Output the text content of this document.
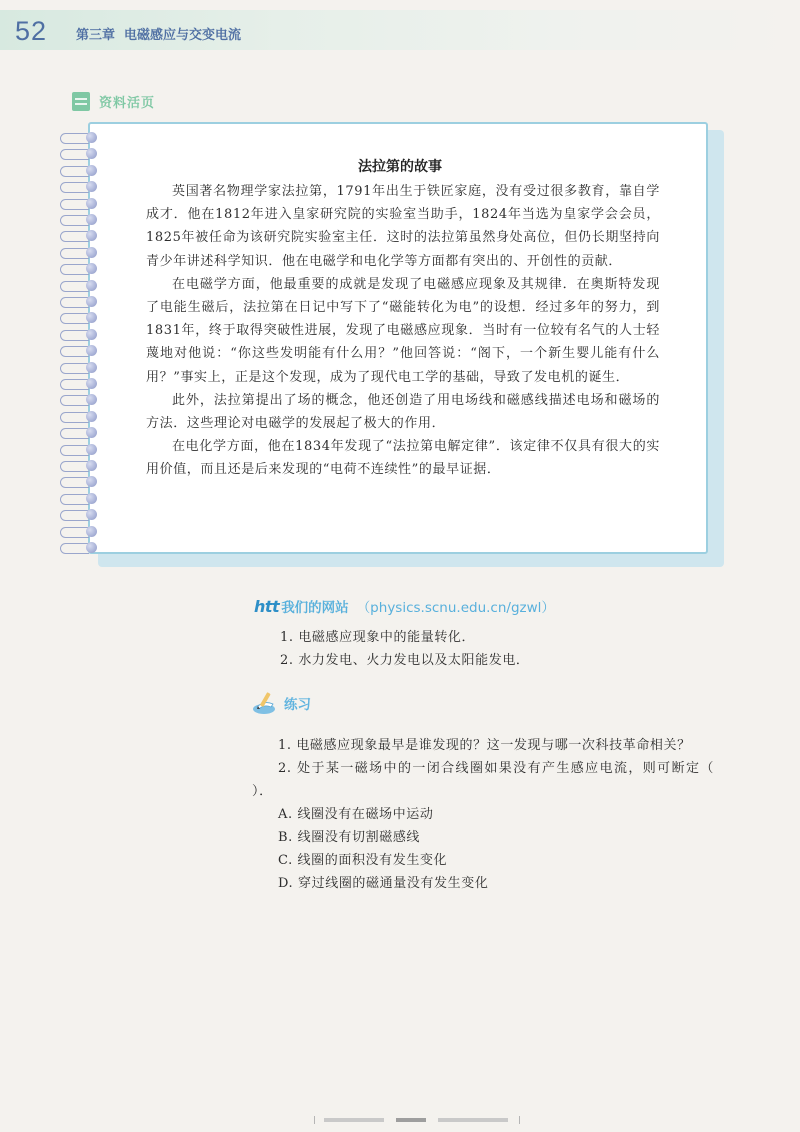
52 第三章  电磁感应与交变电流
资料活页
法拉第的故事

英国著名物理学家法拉第，1791年出生于铁匠家庭，没有受过很多教育，靠自学成才．他在1812年进入皇家研究院的实验室当助手，1824年当选为皇家学会会员，1825年被任命为该研究院实验室主任．这时的法拉第虽然身处高位，但仍长期坚持向青少年讲述科学知识．他在电磁学和电化学等方面都有突出的、开创性的贡献．

在电磁学方面，他最重要的成就是发现了电磁感应现象及其规律．在奥斯特发现了电能生磁后，法拉第在日记中写下了“磁能转化为电”的设想．经过多年的努力，到1831年，终于取得突破性进展，发现了电磁感应现象．当时有一位较有名气的人士轻蔑地对他说：“你这些发明能有什么用？”他回答说：“阁下，一个新生婴儿能有什么用？”事实上，正是这个发现，成为了现代电工学的基础，导致了发电机的诞生．

此外，法拉第提出了场的概念，他还创造了用电场线和磁感线描述电场和磁场的方法．这些理论对电磁学的发展起了极大的作用．

在电化学方面，他在1834年发现了“法拉第电解定律”．该定律不仅具有很大的实用价值，而且还是后来发现的“电荷不连续性”的最早证据．

htt 我们的网站 （physics.scnu.edu.cn/gzwl）
1. 电磁感应现象中的能量转化．
2. 水力发电、火力发电以及太阳能发电．
练习

1. 电磁感应现象最早是谁发现的？这一发现与哪一次科技革命相关？

2. 处于某一磁场中的一闭合线圈如果没有产生感应电流，则可断定（ ）．

A. 线圈没有在磁场中运动

B. 线圈没有切割磁感线

C. 线圈的面积没有发生变化

D. 穿过线圈的磁通量没有发生变化
